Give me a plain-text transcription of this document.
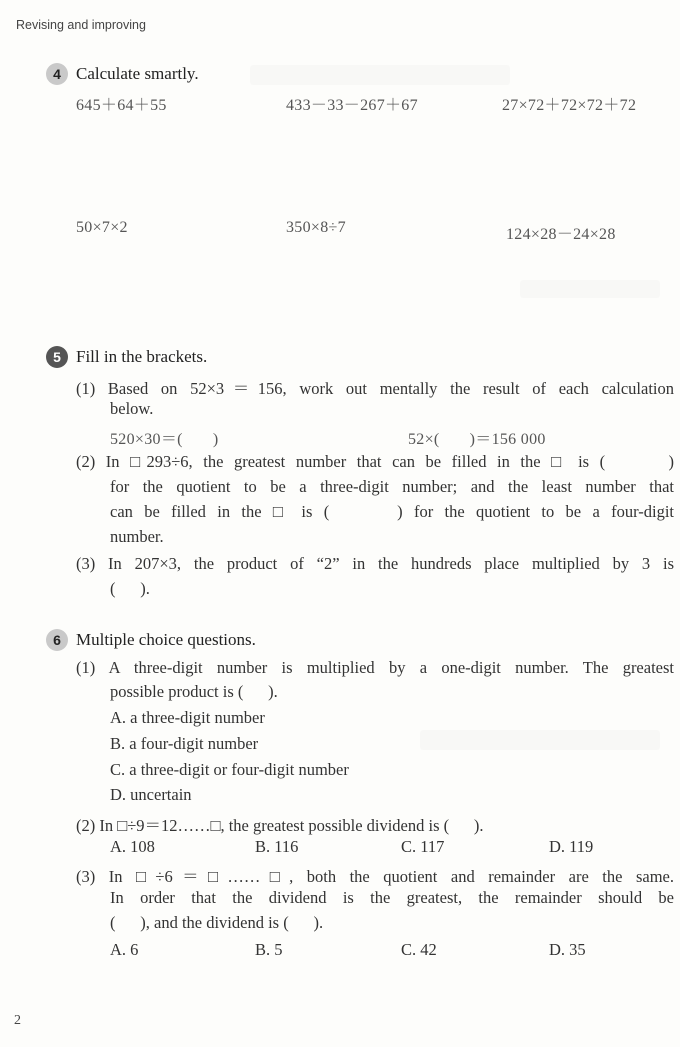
Revising and improving
4 Calculate smartly.
645＋64＋55	433－33－267＋67	27×72＋72×72＋72
50×7×2	350×8÷7	124×28－24×28
5 Fill in the brackets.
(1) Based on 52×3＝156, work out mentally the result of each calculation
below.
520×30＝(       )	52×(       )＝156 000
(2) In □293÷6, the greatest number that can be filled in the □ is (      )
for the quotient to be a three-digit number; and the least number that
can be filled in the □ is (      ) for the quotient to be a four-digit
number.
(3) In 207×3, the product of “2” in the hundreds place multiplied by 3 is
(      ).
6 Multiple choice questions.
(1) A three-digit number is multiplied by a one-digit number. The greatest
possible product is (      ).
A. a three-digit number
B. a four-digit number
C. a three-digit or four-digit number
D. uncertain
(2) In □÷9＝12……□, the greatest possible dividend is (      ).
A. 108	B. 116	C. 117	D. 119
(3) In □÷6＝□……□, both the quotient and remainder are the same.
In order that the dividend is the greatest, the remainder should be
(      ), and the dividend is (      ).
A. 6	B. 5	C. 42	D. 35
2
